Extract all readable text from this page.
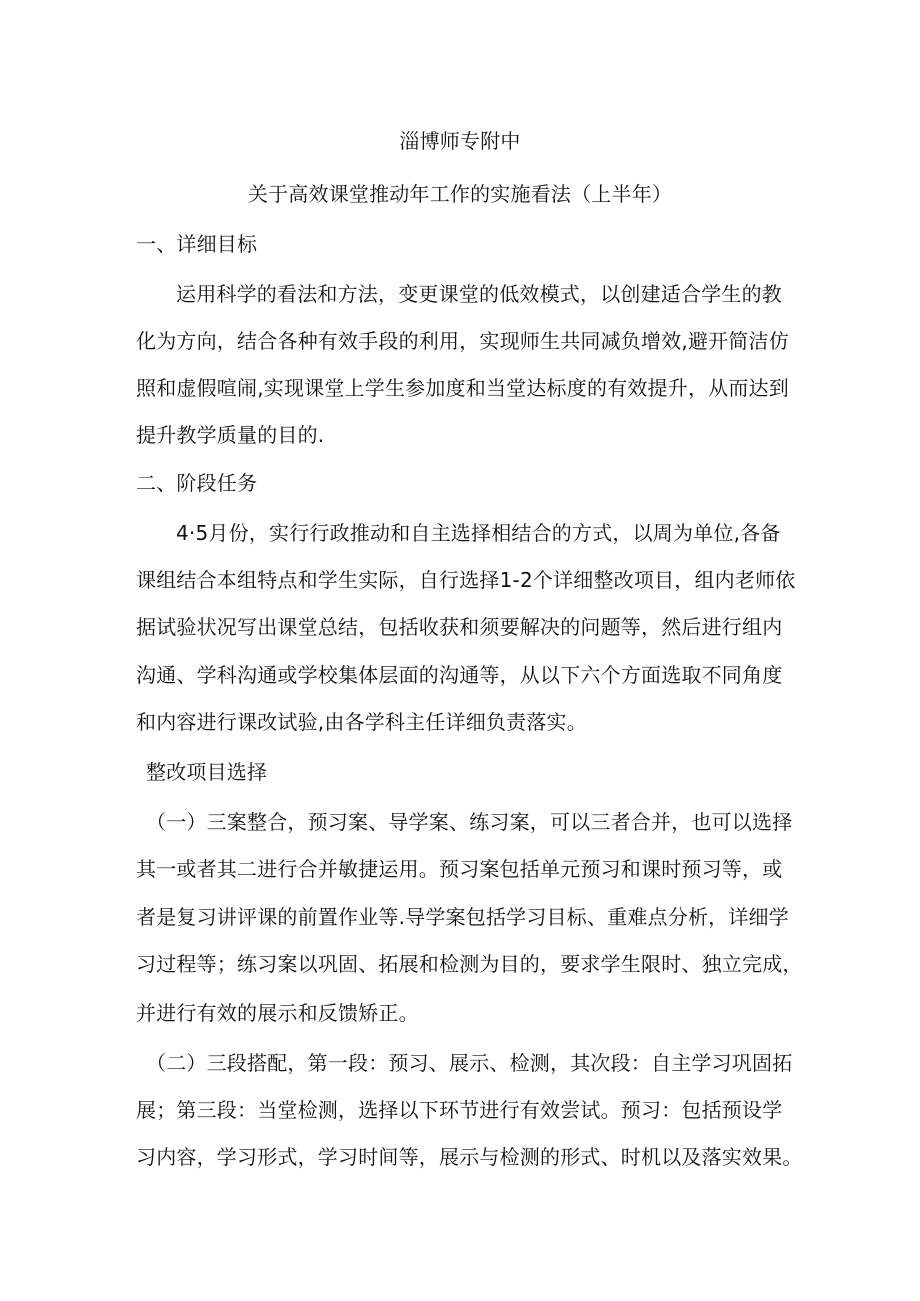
淄博师专附中
关于高效课堂推动年工作的实施看法（上半年）
一、详细目标
运用科学的看法和方法，变更课堂的低效模式，以创建适合学生的教
化为方向，结合各种有效手段的利用，实现师生共同减负增效,避开简洁仿
照和虚假喧闹,实现课堂上学生参加度和当堂达标度的有效提升，从而达到
提升教学质量的目的.
二、阶段任务
4·5月份，实行行政推动和自主选择相结合的方式，以周为单位,各备
课组结合本组特点和学生实际，自行选择1-2个详细整改项目，组内老师依
据试验状况写出课堂总结，包括收获和须要解决的问题等，然后进行组内
沟通、学科沟通或学校集体层面的沟通等，从以下六个方面选取不同角度
和内容进行课改试验,由各学科主任详细负责落实。
整改项目选择
（一）三案整合，预习案、导学案、练习案，可以三者合并，也可以选择
其一或者其二进行合并敏捷运用。预习案包括单元预习和课时预习等，或
者是复习讲评课的前置作业等.导学案包括学习目标、重难点分析，详细学
习过程等；练习案以巩固、拓展和检测为目的，要求学生限时、独立完成，
并进行有效的展示和反馈矫正。
（二）三段搭配，第一段：预习、展示、检测，其次段：自主学习巩固拓
展；第三段：当堂检测，选择以下环节进行有效尝试。预习：包括预设学
习内容，学习形式，学习时间等，展示与检测的形式、时机以及落实效果。
